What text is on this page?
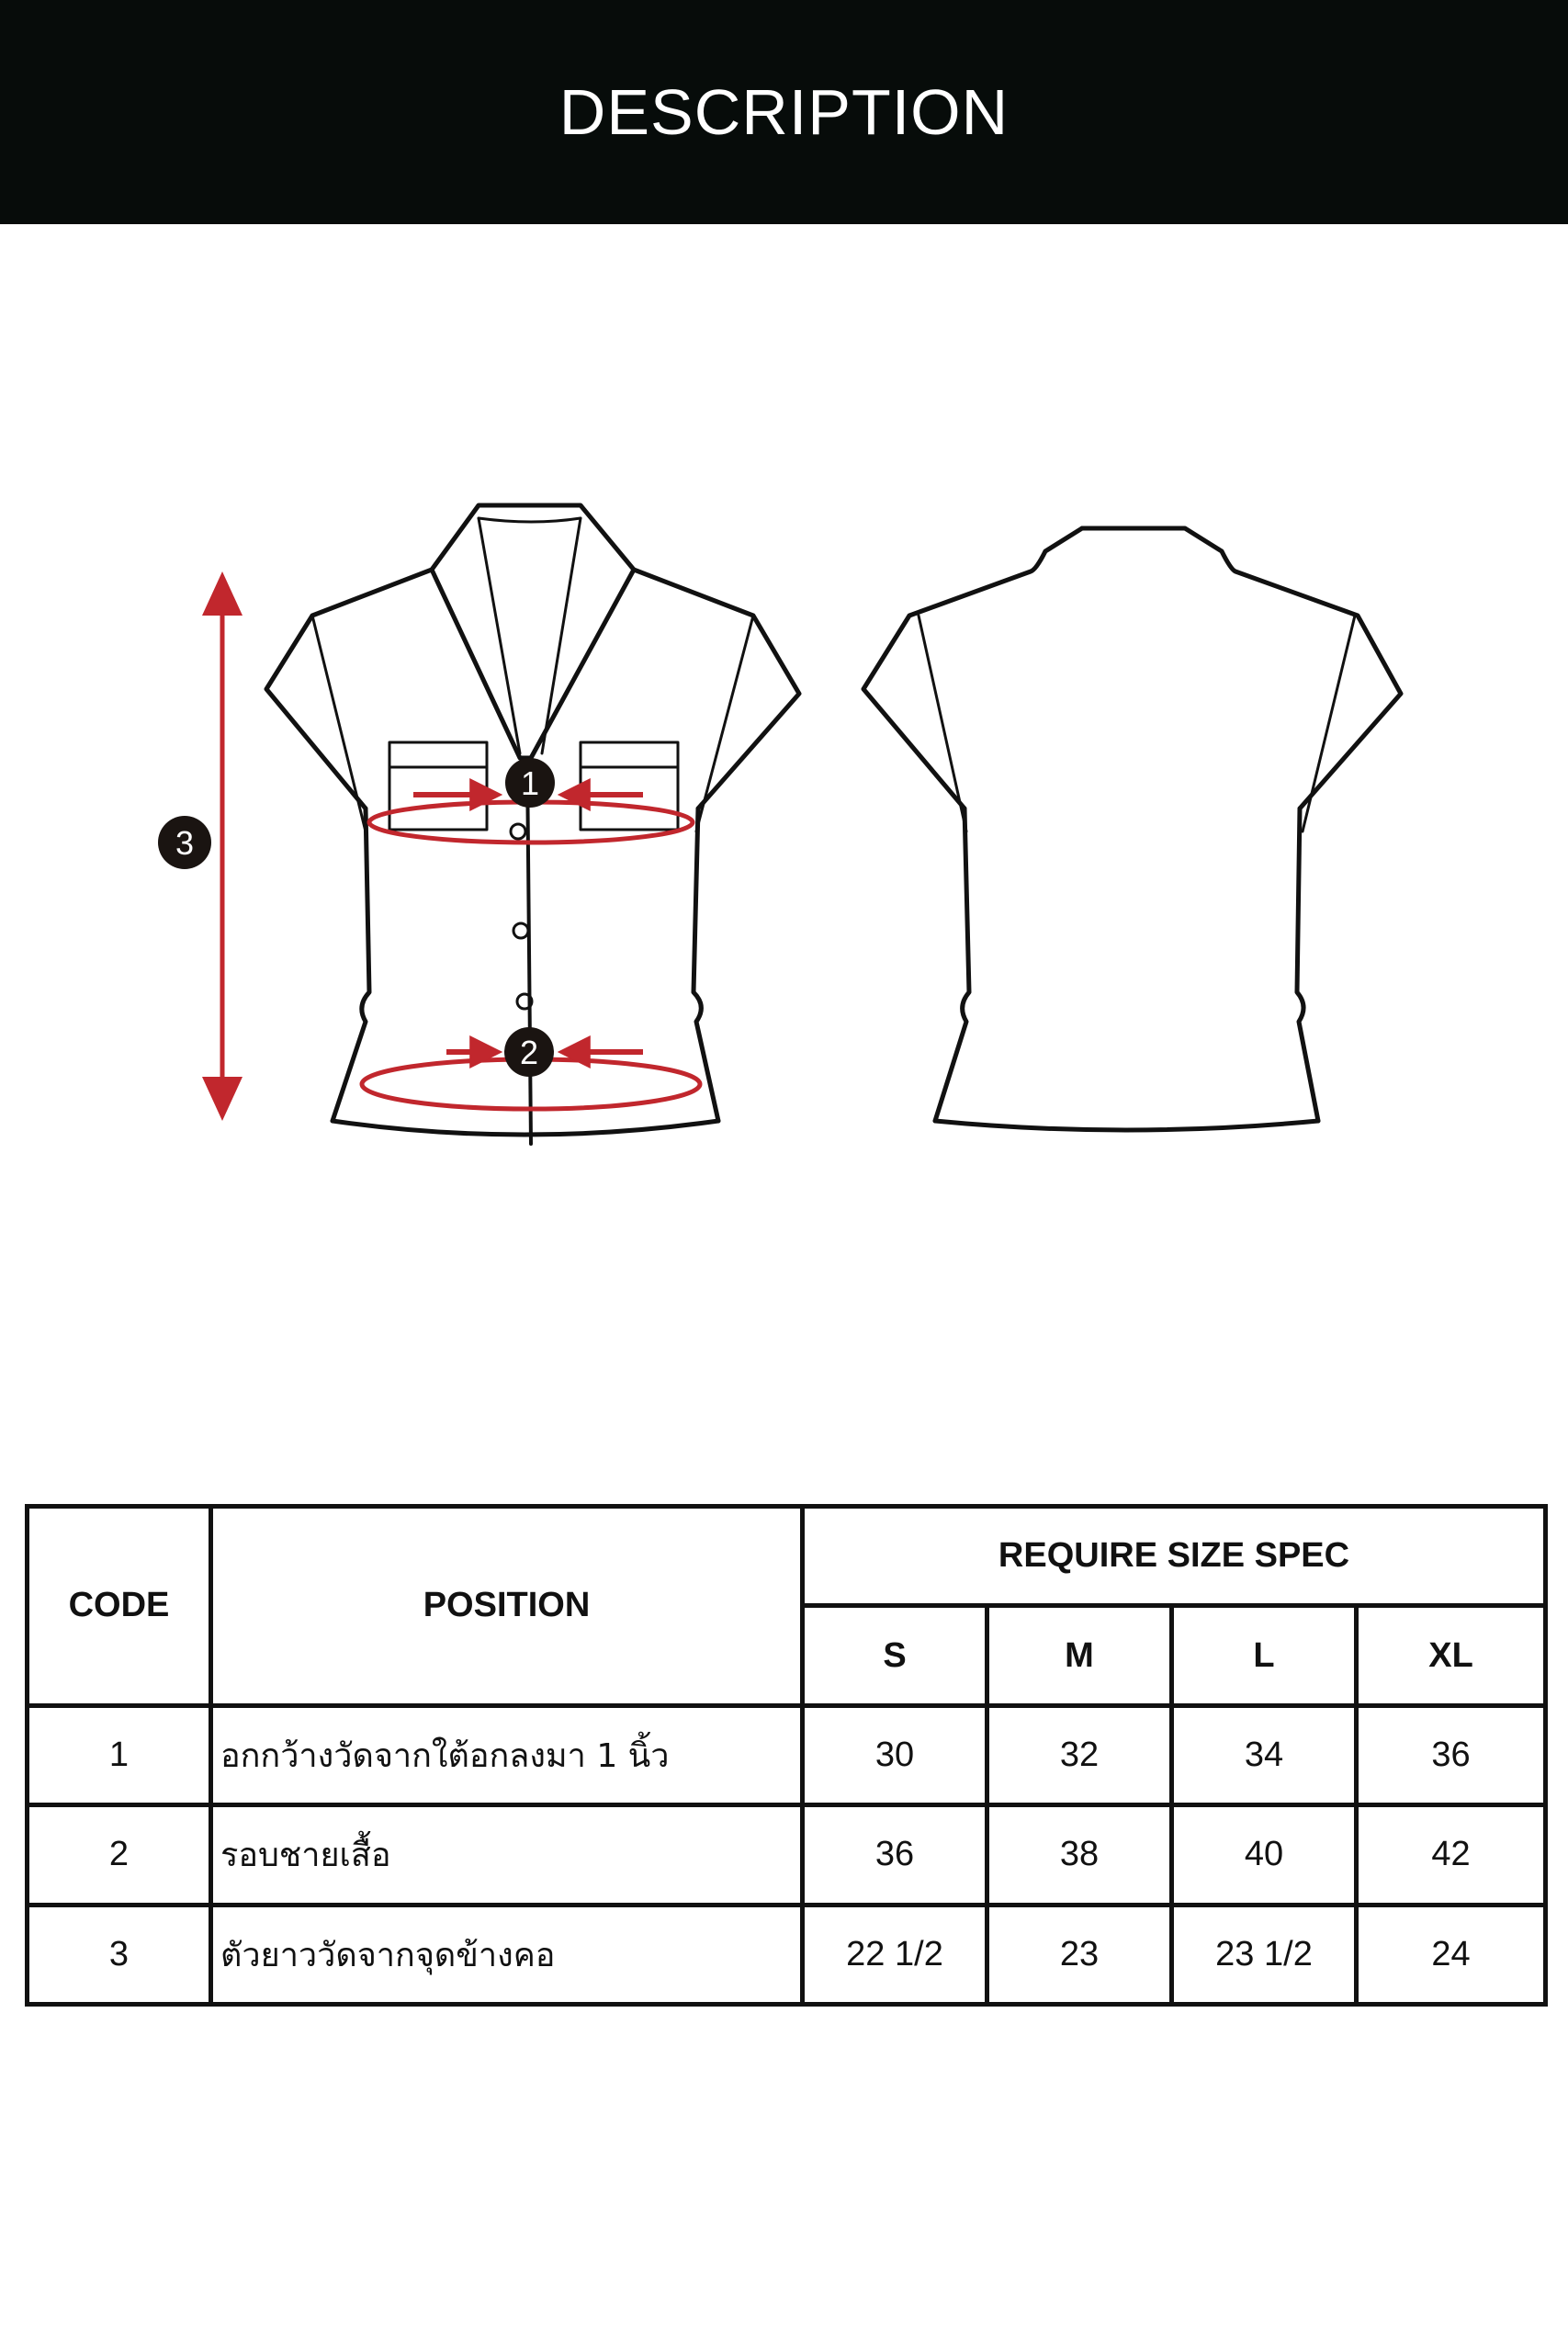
DESCRIPTION
1
2
3
CODE	POSITION	REQUIRE SIZE SPEC			
		S	M	L	XL
1	อกกว้างวัดจากใต้อกลงมา 1 นิ้ว	30	32	34	36
2	รอบชายเสื้อ	36	38	40	42
3	ตัวยาววัดจากจุดข้างคอ	22 1/2	23	23 1/2	24
